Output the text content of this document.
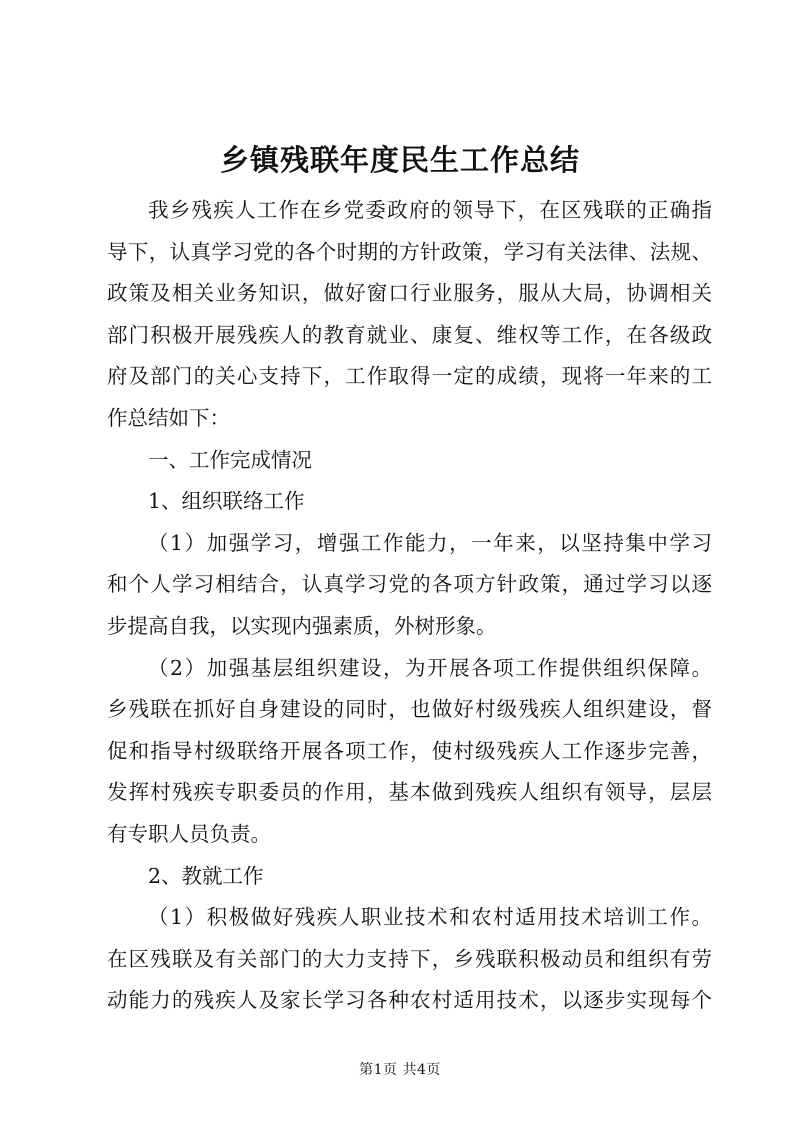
乡镇残联年度民生工作总结
我乡残疾人工作在乡党委政府的领导下，在区残联的正确指
导下，认真学习党的各个时期的方针政策，学习有关法律、法规、
政策及相关业务知识，做好窗口行业服务，服从大局，协调相关
部门积极开展残疾人的教育就业、康复、维权等工作，在各级政
府及部门的关心支持下，工作取得一定的成绩，现将一年来的工
作总结如下：
一、工作完成情况
1、组织联络工作
（1）加强学习，增强工作能力，一年来，以坚持集中学习
和个人学习相结合，认真学习党的各项方针政策，通过学习以逐
步提高自我，以实现内强素质，外树形象。
（2）加强基层组织建设，为开展各项工作提供组织保障。
乡残联在抓好自身建设的同时，也做好村级残疾人组织建设，督
促和指导村级联络开展各项工作，使村级残疾人工作逐步完善，
发挥村残疾专职委员的作用，基本做到残疾人组织有领导，层层
有专职人员负责。
2、教就工作
（1）积极做好残疾人职业技术和农村适用技术培训工作。
在区残联及有关部门的大力支持下，乡残联积极动员和组织有劳
动能力的残疾人及家长学习各种农村适用技术，以逐步实现每个
第1页 共4页
